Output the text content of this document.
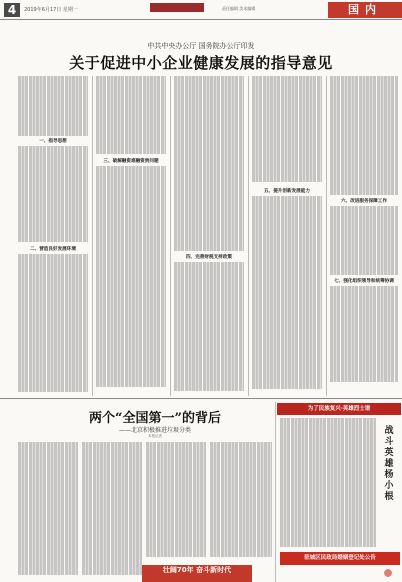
4	2019年6月17日 星期一	责任编辑 美术编辑	国内
中共中央办公厅 国务院办公厅印发
关于促进中小企业健康发展的指导意见
一、指导思想
二、营造良好发展环境
三、破解融资难融资贵问题
四、完善财税支持政策
五、提升创新发展能力
六、改进服务保障工作
七、强化组织领导和统筹协调
两个“全国第一”的背后
——北京积极推进垃圾分类
本报记者
为了民族复兴·英雄烈士谱
战斗英雄杨小根
驻城区民政局婚姻登记处公告
壮阔70年 奋斗新时代
